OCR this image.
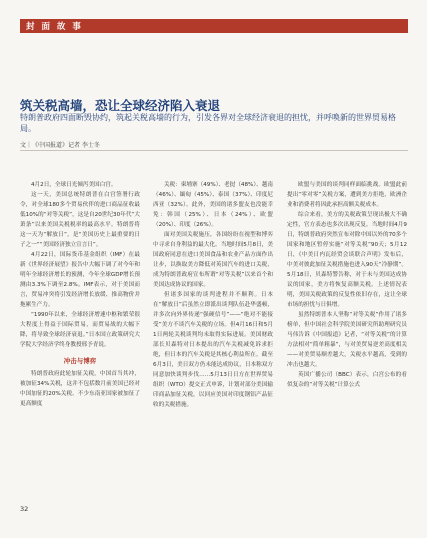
封 面 故 事
筑关税高墙，恐让全球经济陷入衰退
特朗普政府四面断毁协约，筑起关税高墙的行为，引发各界对全球经济衰退的担忧，并呼唤新的世界贸易格局。
文｜《中国报道》记者 李士冬

4月2日，全球日光倾泻美国白宫。

这一天，美国总统特朗普在白宫签署行政令，对全球180多个贸易伙伴的进口商品征收最低10%的“对等关税”，这是自20世纪30年代“大萧条”以来美国关税税率的最高水平。特朗普将这一天为“解放日”，是“美国历史上最重要的日子之一”“美国经济独立宣言日”。

4月22日，国际货币基金组织（IMF）在最新《世界经济展望》报告中大幅下调了对今年和明年全球经济增长的预测，今年全球GDP增长预测由3.3%下调至2.8%。IMF表示，对于美国而言，贸易冲突将引发经济增长放缓、推高物价并拖累生产力。

“1990年以来，全球经济增速中枢和繁荣很大程度上得益于国际贸易，而贸易战的大幅下降，将导致全球经济衰退。”日本国立政策研究大学院大学经济学终身教授邢予青说。

冲击与博弈

特朗普政府此轮加征关税，中国首当其冲，被加征34%关税，这并不包括数月前美国已经对中国加征的20%关税。不少东南亚国家被加征了更高额度

关税：柬埔寨（49%）、老挝（48%）、越南（46%）、缅甸（45%）、泰国（37%）、印度尼西亚（32%）。此外，美国的诸多盟友也没能幸免：韩国（25%）、日本（24%）、欧盟（20%）、印度（26%）。

面对美国关税施压，各国纷纷在视型和博弈中寻求自身利益的最大化。当地时间5月8日，美国政府同意在进口美国食品和农业产品方面作出让步，以换取美方降低对英国汽车的进口关税，成为特朗普政府宣布所谓“对等关税”以来首个和美国达成协议的国家。

但诸多国家的谈判进程并不顺利。日本在“解放日”后虽然立即派出谈判队伍赴华盛顿，并多次向外界传递“强硬信号”——“绝对不能接受”美方不谈汽车关税的立场。但4月16日和5月1日两轮关税谈判均未取得实际进展。美国财政部长贝森特对日本提出的汽车关税减免诉求拒绝，但日本的汽车关税是其核心利益所在。截至6月3日，美日双方仍未能达成协议，日本称双方同意加快谈判步伐……5月13日日方在世界贸易组织（WTO）提交正式申诉，计划对部分美国输印商品加征关税，以回应美国对印度钢铝产品征收的关税措施。

欧盟与美国的谈判同样面临挑战。欧盟此前提出“零对零”关税方案，遭到美方拒绝，欧洲企业和消费者将因此承担高额关税成本。

综合来看，美方的关税政策呈现出极大不确定性，官方表态也多次出现反复。当地时间4月9日，特朗普政府突然宣布对除中国以外的70多个国家和地区暂停实施“对等关税”90天；5月12日，《中美日内瓦经贸会谈联合声明》发布后，中美对彼此加征关税措施也进入90天“冷静期”。5月18日，贝森特警告称，对于未与美国达成协议的国家，美方将恢复高额关税。上述情况表明，美国关税政策的反复性依旧存在，这让全球市场的担忧与日俱增。

虽然特朗普本人坚称“对等关税”作用了诸多榜单，但中国社会科学院美国研究所助理研究员马伟告诉《中国报道》记者，“对等关税”的计算方法相对“简单粗暴”，与对美贸易逆差高度相关——对美贸易顺差越大，关税水平越高，受到的冲击也越大。

英国广播公司（BBC）表示，白宫公布的看似复杂的“对等关税”计算公式

32
